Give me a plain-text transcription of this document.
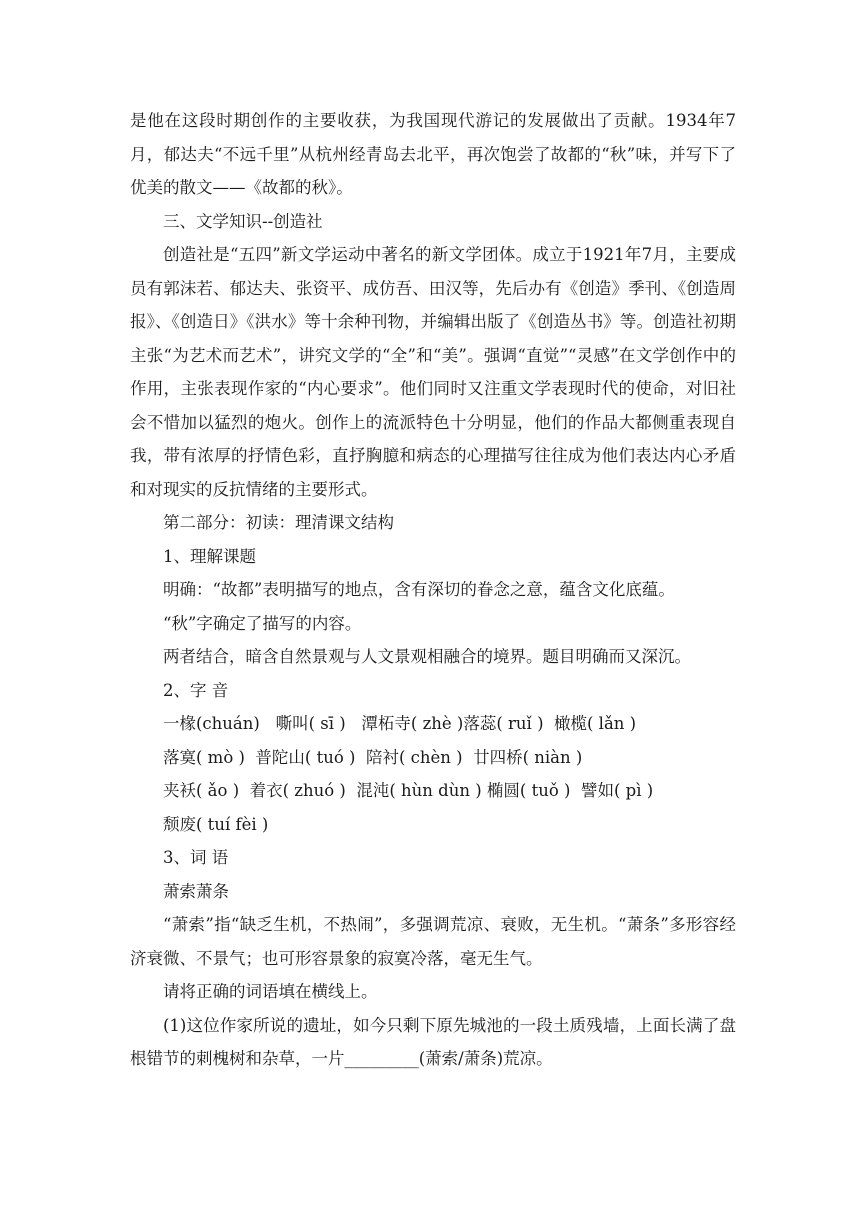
是他在这段时期创作的主要收获，为我国现代游记的发展做出了贡献。1934年7月，郁达夫“不远千里”从杭州经青岛去北平，再次饱尝了故都的“秋”味，并写下了优美的散文——《故都的秋》。

三、文学知识--创造社

创造社是“五四”新文学运动中著名的新文学团体。成立于1921年7月，主要成员有郭沫若、郁达夫、张资平、成仿吾、田汉等，先后办有《创造》季刊、《创造周报》、《创造日》《洪水》等十余种刊物，并编辑出版了《创造丛书》等。创造社初期主张“为艺术而艺术”，讲究文学的“全”和“美”。强调“直觉”“灵感”在文学创作中的作用，主张表现作家的“内心要求”。他们同时又注重文学表现时代的使命，对旧社会不惜加以猛烈的炮火。创作上的流派特色十分明显，他们的作品大都侧重表现自我，带有浓厚的抒情色彩，直抒胸臆和病态的心理描写往往成为他们表达内心矛盾和对现实的反抗情绪的主要形式。

第二部分：初读：理清课文结构

1、理解课题

明确：“故都”表明描写的地点，含有深切的眷念之意，蕴含文化底蕴。

“秋”字确定了描写的内容。

两者结合，暗含自然景观与人文景观相融合的境界。题目明确而又深沉。

2、字 音

一椽(chuán)   嘶叫( sī )   潭柘寺( zhè )落蕊( ruǐ )  橄榄( lǎn )

落寞( mò )  普陀山( tuó )  陪衬( chèn )  廿四桥( niàn )

夹袄( ǎo )  着衣( zhuó )  混沌( hùn dùn ) 椭圆( tuǒ )  譬如( pì )

颓废( tuí fèi )

3、词 语

萧索萧条

“萧索”指“缺乏生机，不热闹”，多强调荒凉、衰败，无生机。“萧条”多形容经济衰微、不景气；也可形容景象的寂寞冷落，毫无生气。

请将正确的词语填在横线上。

(1)这位作家所说的遗址，如今只剩下原先城池的一段土质残墙，上面长满了盘根错节的刺槐树和杂草，一片_________(萧索/萧条)荒凉。
